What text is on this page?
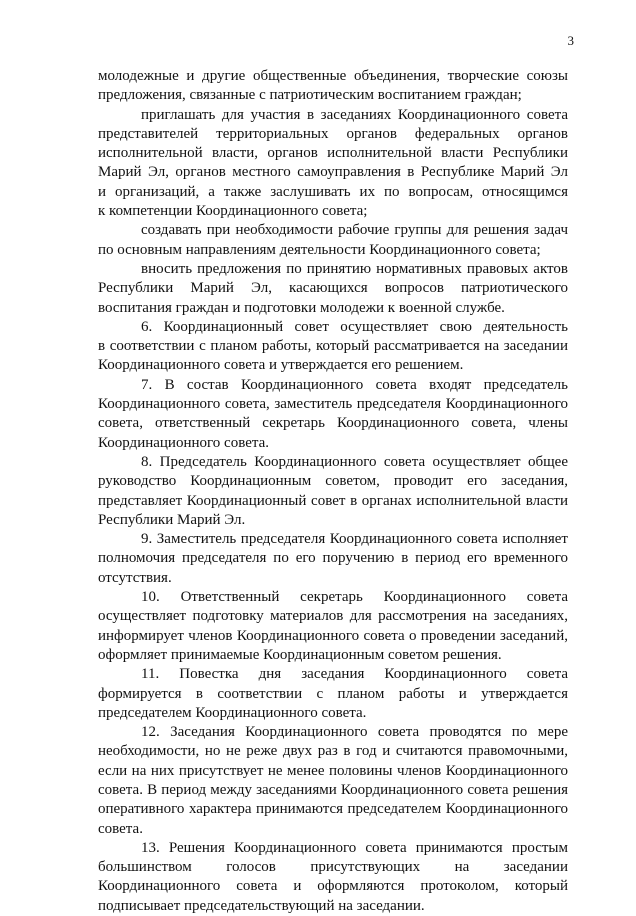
3

молодежные и другие общественные объединения, творческие союзы
предложения, связанные с патриотическим воспитанием граждан;

приглашать для участия в заседаниях Координационного совета
представителей территориальных органов федеральных органов
исполнительной власти, органов исполнительной власти Республики
Марий Эл, органов местного самоуправления в Республике Марий Эл
и организаций, а также заслушивать их по вопросам, относящимся
к компетенции Координационного совета;

создавать при необходимости рабочие группы для решения задач
по основным направлениям деятельности Координационного совета;

вносить предложения по принятию нормативных правовых актов
Республики Марий Эл, касающихся вопросов патриотического
воспитания граждан и подготовки молодежи к военной службе.

6. Координационный совет осуществляет свою деятельность
в соответствии с планом работы, который рассматривается на заседании
Координационного совета и утверждается его решением.

7. В состав Координационного совета входят председатель
Координационного совета, заместитель председателя Координационного
совета, ответственный секретарь Координационного совета, члены
Координационного совета.

8. Председатель Координационного совета осуществляет общее
руководство Координационным советом, проводит его заседания,
представляет Координационный совет в органах исполнительной власти
Республики Марий Эл.

9. Заместитель председателя Координационного совета исполняет
полномочия председателя по его поручению в период его временного
отсутствия.

10. Ответственный секретарь Координационного совета
осуществляет подготовку материалов для рассмотрения на заседаниях,
информирует членов Координационного совета о проведении заседаний,
оформляет принимаемые Координационным советом решения.

11. Повестка дня заседания Координационного совета
формируется в соответствии с планом работы и утверждается
председателем Координационного совета.

12. Заседания Координационного совета проводятся по мере
необходимости, но не реже двух раз в год и считаются правомочными,
если на них присутствует не менее половины членов Координационного
совета. В период между заседаниями Координационного совета решения
оперативного характера принимаются председателем Координационного
совета.

13. Решения Координационного совета принимаются простым
большинством голосов присутствующих на заседании
Координационного совета и оформляются протоколом, который
подписывает председательствующий на заседании.
